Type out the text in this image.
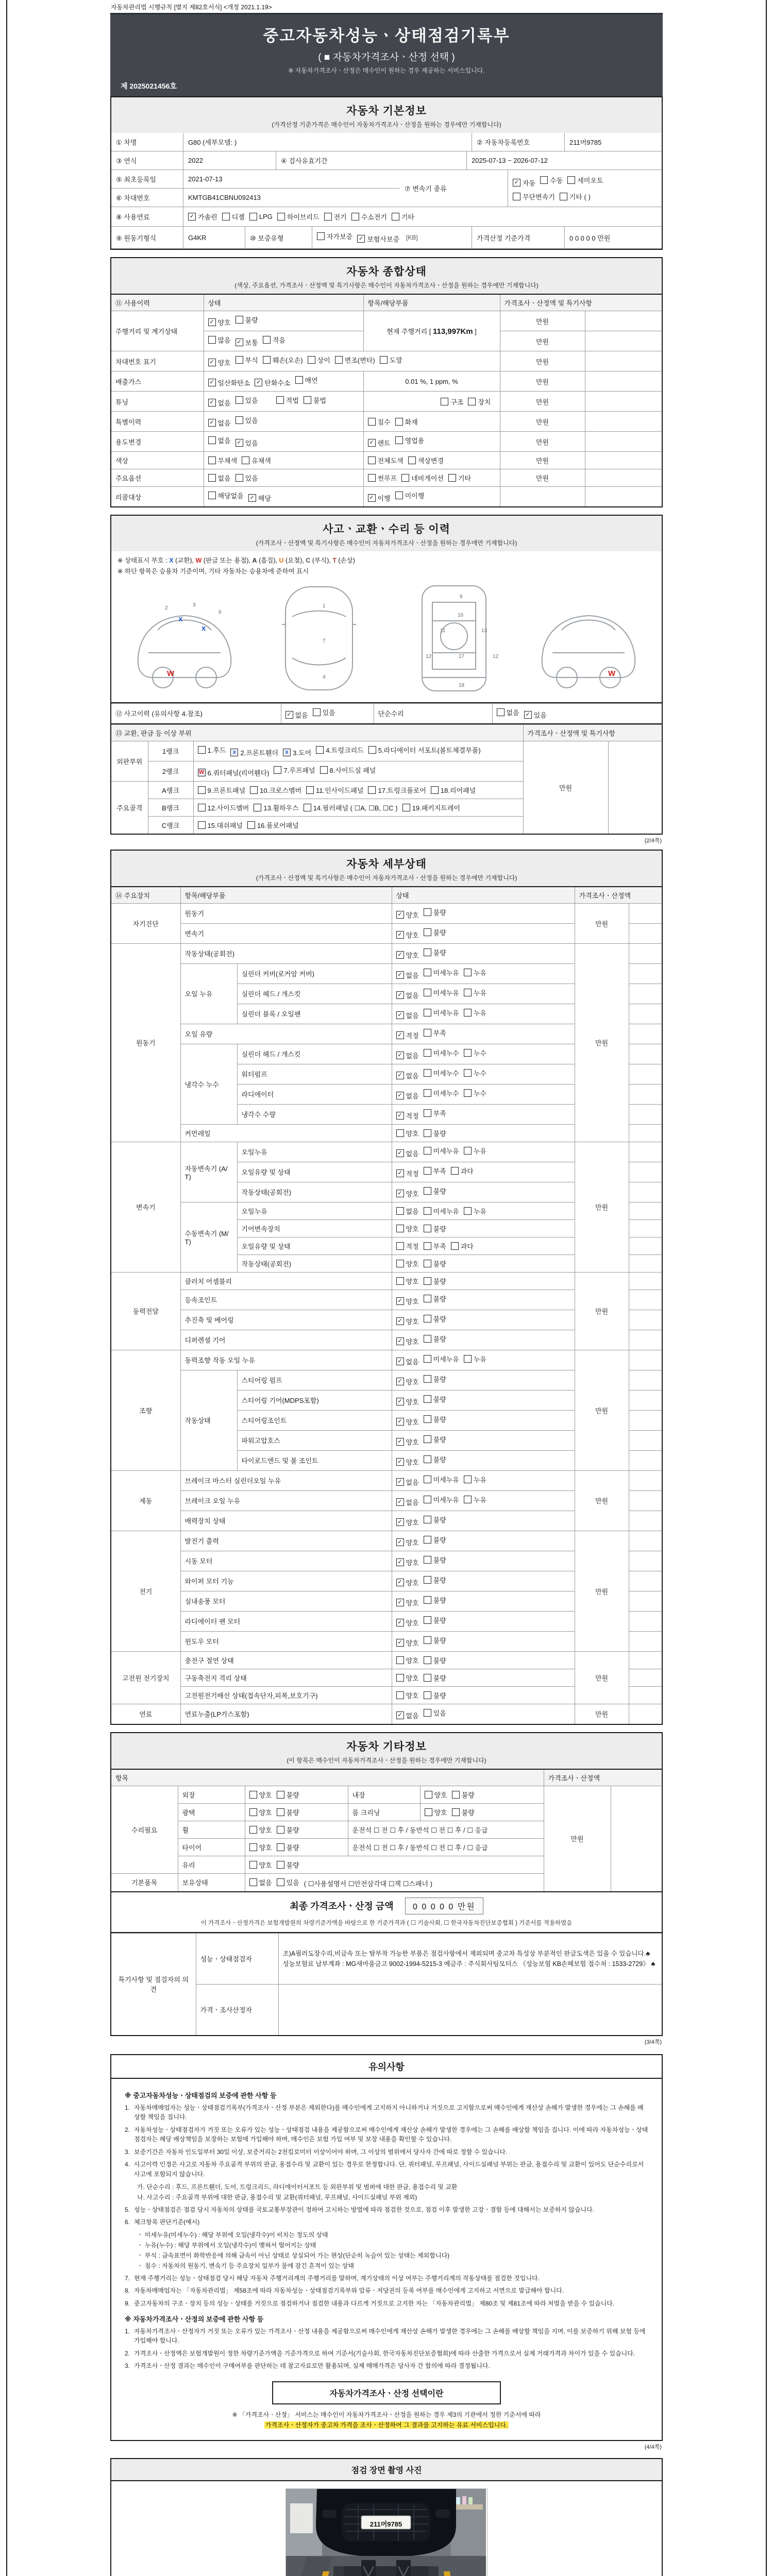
자동차관리법 시행규칙 [별지 제82호서식] <개정 2021.1.19>
중고자동차성능ㆍ상태점검기록부
( ■ 자동차가격조사ㆍ산정 선택 )
※ 자동차가격조사ㆍ산정은 매수인이 원하는 경우 제공하는 서비스입니다.
제 2025021456호
자동차 기본정보
(가격산정 기준가격은 매수인이 자동차가격조사ㆍ산정을 원하는 경우에만 기재합니다)
① 차명	G80 (세부모델: )	② 자동차등록번호	211머9785
③ 연식	2022	④ 검사유효기간	2025-07-13 ~ 2026-07-12
⑤ 최초등록일	2021-07-13
⑥ 차대번호	KMTGB41CBNU092413
⑦ 변속기 종류
✓ 자동 수동 세미오토
무단변속기 기타 ( )
⑧ 사용연료	✓ 가솔린 디젤 LPG 하이브리드 전기 수소전기 기타
⑨ 원동기형식	G4KR	⑩ 보증유형	자가보증 ✓ 보험사보증 [KB]	가격산정 기준가격	0 0 0 0 0 만원
자동차 종합상태
(색상, 주요옵션, 가격조사ㆍ산정액 및 특기사항은 매수인이 자동차가격조사ㆍ산정을 원하는 경우에만 기재합니다)
⑪ 사용이력	상태	항목/해당부품	가격조사ㆍ산정액 및 특기사항	
주행거리 및 계기상태	✓ 양호 불량	현재 주행거리 [ 113,997Km ]	만원	

	많음 ✓ 보통 적음		만원	
차대번호 표기	✓ 양호 부식 훼손(오손) 상이 변조(변타) 도말	만원	
배출가스	✓ 일산화탄소 ✓ 탄화수소 매연	0.01 %, 1 ppm, %	만원	
튜닝	✓ 없음 있음 적법 불법	구조 장치	만원	
특별이력	✓ 없음 있음	침수 화재	만원	
용도변경	없음 ✓ 있음	✓ 렌트 영업용	만원	
색상	무채색 유채색	전체도색 색상변경	만원	
주요옵션	없음 있음	썬루프 네비게이션 기타	만원	
리콜대상	해당없음 ✓ 해당	✓ 이행 미이행		

사고ㆍ교환ㆍ수리 등 이력
(가격조사ㆍ산정액 및 특기사항은 매수인이 자동차가격조사ㆍ산정을 원하는 경우에만 기재합니다)
※ 상태표시 부호 : X (교환), W (판금 또는 용접), A (흠집), U (요철), C (부식), T (손상)
※ 하단 항목은 승용차 기준이며, 기타 자동차는 승용차에 준하여 표시
x
x
W	W
2
3
6
1
7
4
9
10
11	13
12	17	12
18
⑫ 사고이력 (유의사항 4.참조)	✓ 없음 있음	단순수리	없음 ✓ 있음
⑬ 교환, 판금 등 이상 부위			가격조사ㆍ산정액 및 특기사항	
외판부위	1랭크	1.후드	x 2.프론트휀더	x 3.도어 4.트렁크리드 5.라디에이터 서포트(볼트체결부품)
	만원	
	2랭크	W 6.쿼터패널(리어휀다) 7.루프패널 8.사이드실 패널		

주요골격	A랭크	9.프론트패널 10.크로스멤버 11.인사이드패널 17.트렁크플로어 18.리어패널		

	B랭크	12.사이드멤버 13.휠하우스 14.필러패널 ( ☐A, ☐B, ☐C ) 19.패키지트레이		

	C랭크	15.대쉬패널 16.플로어패널		
(2/4쪽)
자동차 세부상태
(가격조사ㆍ산정액 및 특기사항은 매수인이 자동차가격조사ㆍ산정을 원하는 경우에만 기재합니다)
⑭ 주요장치	항목/해당부품		상태	가격조사ㆍ산정액	
자기진단	원동기		✓ 양호 불량	만원	
	변속기		✓ 양호 불량		

원동기	작동상태(공회전)		✓ 양호 불량	만원	
	오일 누유	실린더 커버(로커암 커버)	✓ 없음 미세누유 누유		

		실린더 헤드 / 개스킷	✓ 없음 미세누유 누유		

		실린더 블록 / 오일팬	✓ 없음 미세누유 누유		

	오일 유량		✓ 적정 부족		

	냉각수 누수	실린더 헤드 / 개스킷	✓ 없음 미세누수 누수		

		워터펌프	✓ 없음 미세누수 누수		

		라디에이터	✓ 없음 미세누수 누수		

		냉각수 수량	✓ 적정 부족		

	커먼레일		양호 불량		

변속기	자동변속기 (A/T)	오일누유	✓ 없음 미세누유 누유	만원	
		오일유량 및 상태	✓ 적정 부족 과다		

		작동상태(공회전)	✓ 양호 불량		

	수동변속기 (M/T)	오일누유	없음 미세누유 누유		

		기어변속장치	양호 불량		

		오일유량 및 상태	적정 부족 과다		

		작동상태(공회전)	양호 불량		

동력전달	클러치 어셈블리		양호 불량	만원	
	등속조인트		✓ 양호 불량		

	추진축 및 베어링		✓ 양호 불량		

	디퍼렌셜 기어		✓ 양호 불량		

조향	동력조향 작동 오일 누유		✓ 없음 미세누유 누유	만원	
	작동상태	스티어링 펌프	✓ 양호 불량		

		스티어링 기어(MDPS포함)	✓ 양호 불량		

		스티어링조인트	✓ 양호 불량		

		파워고압호스	✓ 양호 불량		

		타이로드엔드 및 볼 조인트	✓ 양호 불량		

제동	브레이크 마스터 실린더오일 누유		✓ 없음 미세누유 누유	만원	
	브레이크 오일 누유		✓ 없음 미세누유 누유		

	배력장치 상태		✓ 양호 불량		

전기	발전기 출력		✓ 양호 불량	만원	
	시동 모터		✓ 양호 불량		

	와이퍼 모터 기능		✓ 양호 불량		

	실내송풍 모터		✓ 양호 불량		

	라디에이터 팬 모터		✓ 양호 불량		

	윈도우 모터		✓ 양호 불량		

고전원 전기장치	충전구 절연 상태		양호 불량	만원	
	구동축전지 격리 상태		양호 불량		

	고전원전기배선 상태(접속단자,피복,보호기구)		양호 불량		

연료	연료누출(LP가스포함)		✓ 없음 있음	만원	
자동차 기타정보
(이 항목은 매수인이 자동차가격조사ㆍ산정을 원하는 경우에만 기재합니다)
항목					가격조사ㆍ산정액	
수리필요	외장	양호 불량	내장	양호 불량	만원	
	광택	양호 불량	룸 크리닝	양호 불량		

	휠	양호 불량	운전석 ☐ 전 ☐ 후 / 동반석 ☐ 전 ☐ 후 / ☐ 응급			
	타이어	양호 불량	운전석 ☐ 전 ☐ 후 / 동반석 ☐ 전 ☐ 후 / ☐ 응급			
	유리	양호 불량				

기본품목	보유상태	없음 있음 ( ☐사용설명서 ☐안전삼각대 ☐잭 ☐스패너 )				
최종 가격조사ㆍ산정 금액 0 0 0 0 0 만원
이 가격조사ㆍ산정가격은 보험개발원의 차량기준가액을 바탕으로 한 기준가격과 ( ☐ 기술사회, ☐ 한국자동차진단보증협회 ) 기준서를 적용하였음
특기사항 및 점검자의 의견	성능ㆍ상태점검자	조)A필러도장수리,비금속 또는 탈부착 가능한 부품은 점검사항에서 제외되며 중고차 특성상 부분적인 판금도색은 있을 수 있습니다.♣ 성능보험료 납부계좌 : MG새마을금고 9002-1994-5215-3 예금주 : 주식회사팀모터스 《성능보험 KB손해보험 접수처 : 1533-2729》 ♣
	가격ㆍ조사산정자	
(3/4쪽)
유의사항
※ 중고자동차성능ㆍ상태점검의 보증에 관한 사항 등
1. 자동차매매업자는 성능ㆍ상태점검기록부(가격조사ㆍ산정 부분은 제외한다)를 매수인에게 고지하지 아니하거나 거짓으로 고지함으로써 매수인에게 재산상 손해가 발생한 경우에는 그 손해를 배상할 책임을 집니다.
2. 자동차성능ㆍ상태점검자가 거짓 또는 오류가 있는 성능ㆍ상태점검 내용을 제공함으로써 매수인에게 재산상 손해가 발생한 경우에는 그 손해를 배상할 책임을 집니다. 이에 따라 자동차성능ㆍ상태점검자는 해당 배상책임을 보장하는 보험에 가입해야 하며, 매수인은 보험 가입 여부 및 보장 내용을 확인할 수 있습니다.
3. 보증기간은 자동차 인도일부터 30일 이상, 보증거리는 2천킬로미터 이상이어야 하며, 그 이상의 범위에서 당사자 간에 따로 정할 수 있습니다.
4. 사고이력 인정은 사고로 자동차 주요골격 부위의 판금, 용접수리 및 교환이 있는 경우로 한정합니다. 단, 쿼터패널, 루프패널, 사이드실패널 부위는 판금, 용접수리 및 교환이 있어도 단순수리로서 사고에 포함되지 않습니다.
가. 단순수리 : 후드, 프론트휀더, 도어, 트렁크리드, 라디에이터서포트 등 외판부위 및 범퍼에 대한 판금, 용접수리 및 교환
나. 사고수리 : 주요골격 부위에 대한 판금, 용접수리 및 교환(쿼터패널, 루프패널, 사이드실패널 부위 제외)
5. 성능ㆍ상태점검은 점검 당시 자동차의 상태를 국토교통부장관이 정하여 고시하는 방법에 따라 점검한 것으로, 점검 이후 발생한 고장ㆍ결함 등에 대해서는 보증하지 않습니다.
6. 체크항목 판단기준(예시)
ㆍ 미세누유(미세누수) : 해당 부위에 오일(냉각수)이 비치는 정도의 상태
ㆍ 누유(누수) : 해당 부위에서 오일(냉각수)이 맺혀서 떨어지는 상태
ㆍ 부식 : 금속표면이 화학반응에 의해 금속이 아닌 상태로 상실되어 가는 현상(단순히 녹슬어 있는 상태는 제외합니다)
ㆍ 침수 : 자동차의 원동기, 변속기 등 주요장치 일부가 물에 잠긴 흔적이 있는 상태
7. 현재 주행거리는 성능ㆍ상태점검 당시 해당 자동차 주행거리계의 주행거리를 말하며, 계기상태의 이상 여부는 주행거리계의 작동상태를 점검한 것입니다.
8. 자동차매매업자는 「자동차관리법」 제58조에 따라 자동차성능ㆍ상태점검기록부와 압류ㆍ저당권의 등록 여부를 매수인에게 고지하고 서면으로 발급해야 합니다.
9. 중고자동차의 구조ㆍ장치 등의 성능ㆍ상태를 거짓으로 점검하거나 점검한 내용과 다르게 거짓으로 고지한 자는 「자동차관리법」 제80조 및 제81조에 따라 처벌을 받을 수 있습니다.
※ 자동차가격조사ㆍ산정의 보증에 관한 사항 등
1. 자동차가격조사ㆍ산정자가 거짓 또는 오류가 있는 가격조사ㆍ산정 내용을 제공함으로써 매수인에게 재산상 손해가 발생한 경우에는 그 손해를 배상할 책임을 지며, 이를 보증하기 위해 보험 등에 가입해야 합니다.
2. 가격조사ㆍ산정액은 보험개발원이 정한 차량기준가액을 기준가격으로 하여 기준서(기술사회, 한국자동차진단보증협회)에 따라 산출한 가격으로서 실제 거래가격과 차이가 있을 수 있습니다.
3. 가격조사ㆍ산정 결과는 매수인이 구매여부를 판단하는 데 참고자료로만 활용되며, 실제 매매가격은 당사자 간 합의에 따라 결정됩니다.
자동차가격조사ㆍ산정 선택이란
※ 「가격조사ㆍ산정」 서비스는 매수인이 자동차가격조사ㆍ산정을 원하는 경우 제3의 기관에서 정한 기준서에 따라
가격조사ㆍ산정자가 중고차 가격을 조사ㆍ산정하여 그 결과를 고지하는 유료 서비스입니다.
(4/4쪽)
점검 장면 촬영 사진
211머9785
